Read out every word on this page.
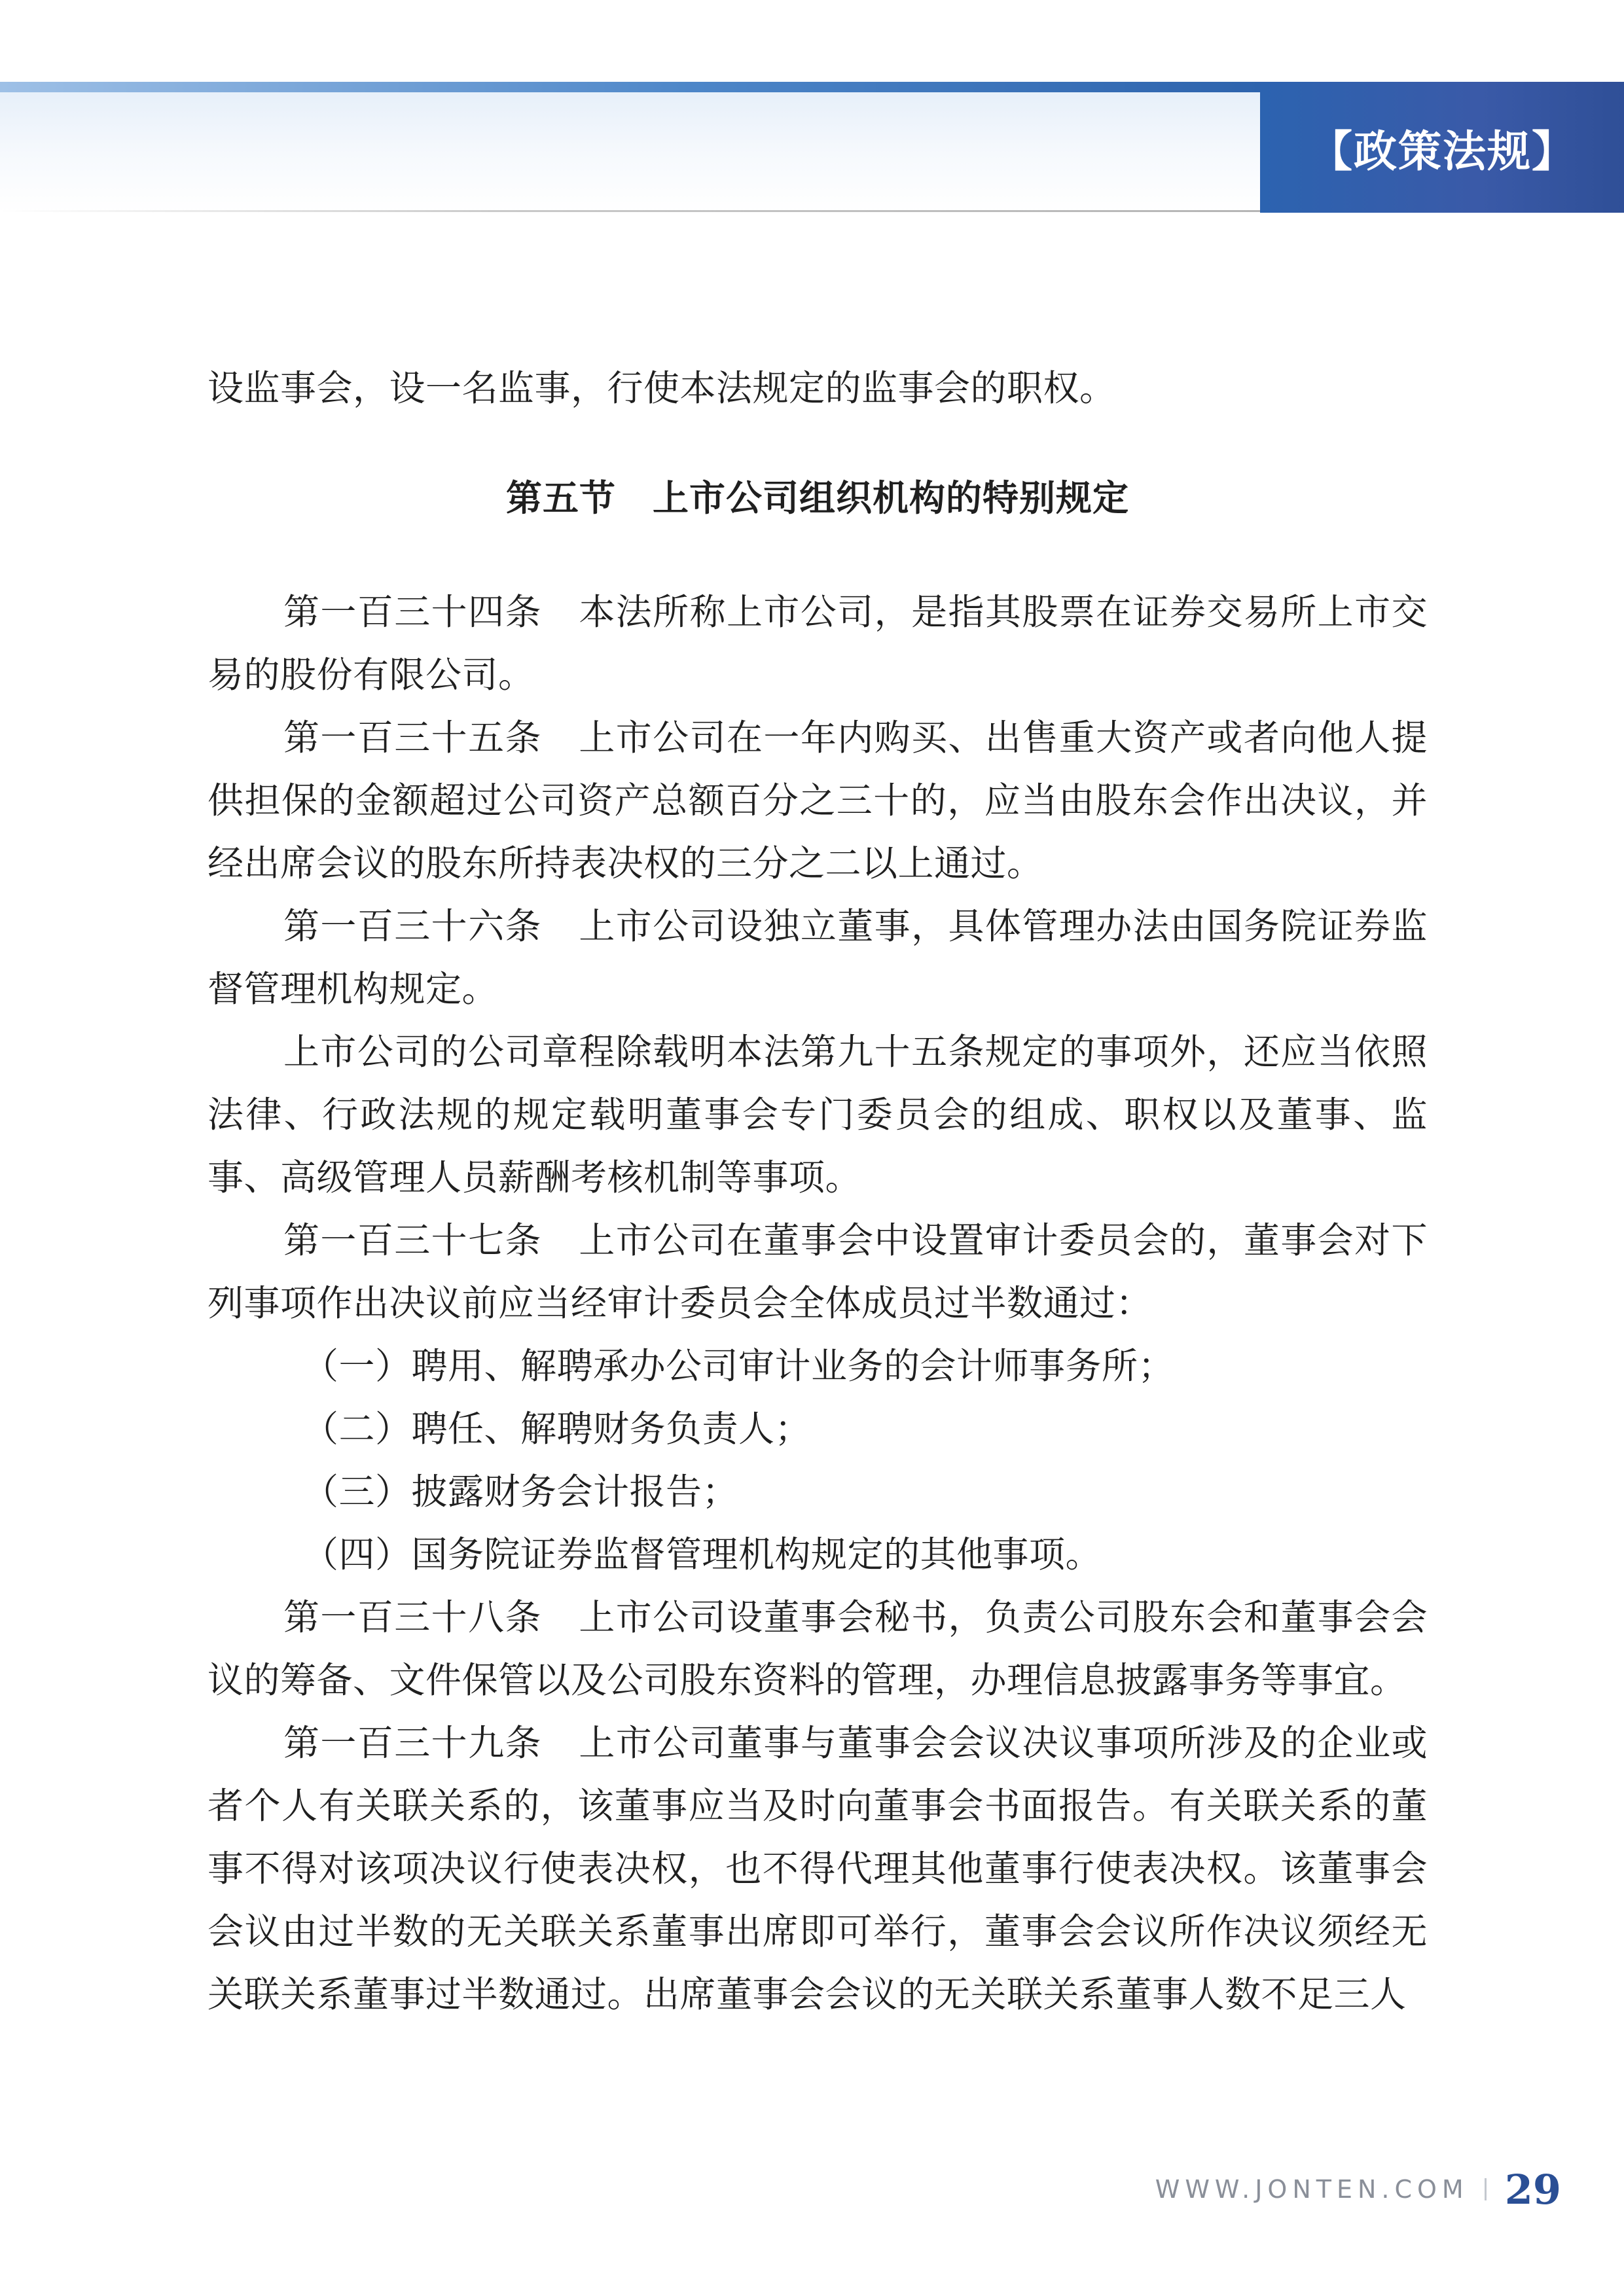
【政策法规】

设监事会，设一名监事，行使本法规定的监事会的职权。

第五节　上市公司组织机构的特别规定

第一百三十四条　本法所称上市公司，是指其股票在证券交易所上市交易的股份有限公司。

第一百三十五条　上市公司在一年内购买、出售重大资产或者向他人提供担保的金额超过公司资产总额百分之三十的，应当由股东会作出决议，并经出席会议的股东所持表决权的三分之二以上通过。

第一百三十六条　上市公司设独立董事，具体管理办法由国务院证券监督管理机构规定。

上市公司的公司章程除载明本法第九十五条规定的事项外，还应当依照法律、行政法规的规定载明董事会专门委员会的组成、职权以及董事、监事、高级管理人员薪酬考核机制等事项。

第一百三十七条　上市公司在董事会中设置审计委员会的，董事会对下列事项作出决议前应当经审计委员会全体成员过半数通过：

（一）聘用、解聘承办公司审计业务的会计师事务所；

（二）聘任、解聘财务负责人；

（三）披露财务会计报告；

（四）国务院证券监督管理机构规定的其他事项。

第一百三十八条　上市公司设董事会秘书，负责公司股东会和董事会会议的筹备、文件保管以及公司股东资料的管理，办理信息披露事务等事宜。

第一百三十九条　上市公司董事与董事会会议决议事项所涉及的企业或者个人有关联关系的，该董事应当及时向董事会书面报告。有关联关系的董事不得对该项决议行使表决权，也不得代理其他董事行使表决权。该董事会会议由过半数的无关联关系董事出席即可举行，董事会会议所作决议须经无关联关系董事过半数通过。出席董事会会议的无关联关系董事人数不足三人

WWW.JONTEN.COM 29
